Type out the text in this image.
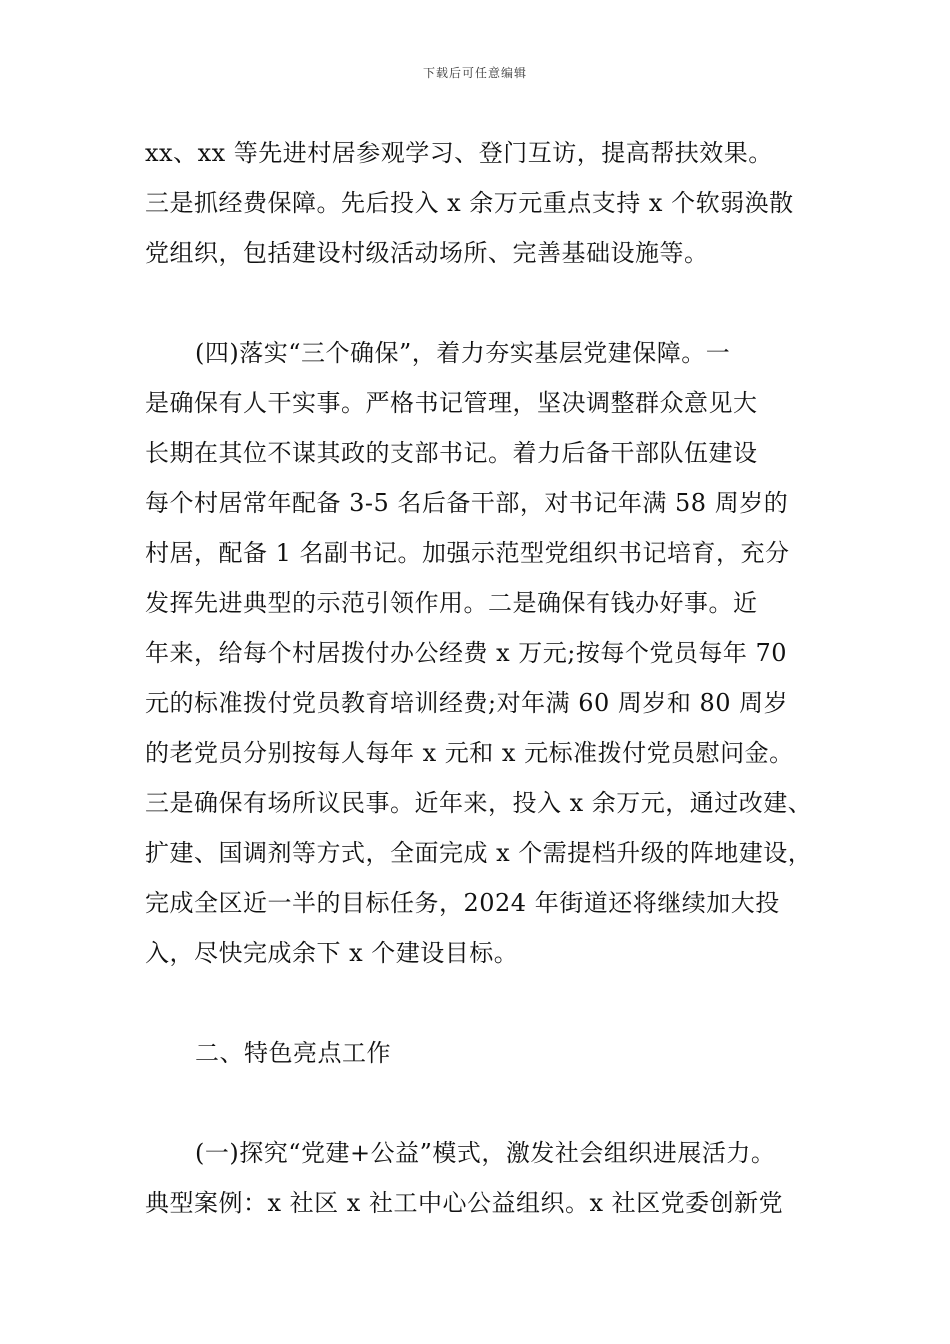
下载后可任意编辑
xx、xx 等先进村居参观学习、登门互访，提高帮扶效果。
三是抓经费保障。先后投入 x 余万元重点支持 x 个软弱涣散
党组织，包括建设村级活动场所、完善基础设施等。
(四)落实“三个确保”，着力夯实基层党建保障。一
是确保有人干实事。严格书记管理，坚决调整群众意见大
长期在其位不谋其政的支部书记。着力后备干部队伍建设
每个村居常年配备 3-5 名后备干部，对书记年满 58 周岁的
村居，配备 1 名副书记。加强示范型党组织书记培育，充分
发挥先进典型的示范引领作用。二是确保有钱办好事。近
年来，给每个村居拨付办公经费 x 万元;按每个党员每年 70
元的标准拨付党员教育培训经费;对年满 60 周岁和 80 周岁
的老党员分别按每人每年 x 元和 x 元标准拨付党员慰问金。
三是确保有场所议民事。近年来，投入 x 余万元，通过改建、
扩建、国调剂等方式，全面完成 x 个需提档升级的阵地建设，
完成全区近一半的目标任务，2024 年街道还将继续加大投
入，尽快完成余下 x 个建设目标。
二、特色亮点工作
(一)探究“党建+公益”模式，激发社会组织进展活力。
典型案例：x 社区 x 社工中心公益组织。x 社区党委创新党
